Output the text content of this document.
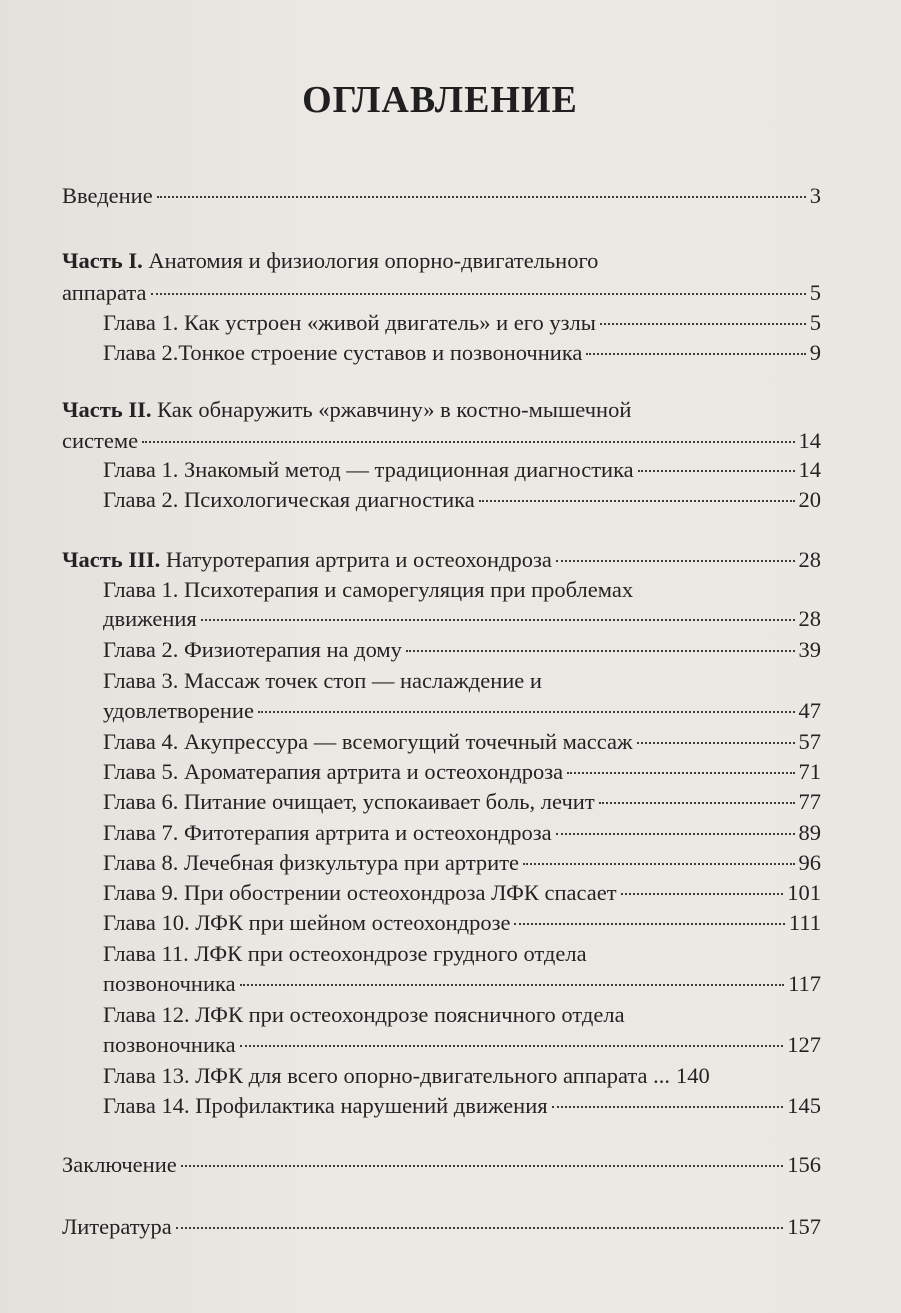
ОГЛАВЛЕНИЕ
Введение	3
Часть I. Анатомия и физиология опорно-двигательного
аппарата	5
Глава 1. Как устроен «живой двигатель» и его узлы	5
Глава 2.Тонкое строение суставов и позвоночника	9
Часть II. Как обнаружить «ржавчину» в костно-мышечной
системе	14
Глава 1. Знакомый метод — традиционная диагностика	14
Глава 2. Психологическая диагностика	20
Часть III. Натуротерапия артрита и остеохондроза	28
Глава 1. Психотерапия и саморегуляция при проблемах
движения	28
Глава 2. Физиотерапия на дому	39
Глава 3. Массаж точек стоп — наслаждение и
удовлетворение	47
Глава 4. Акупрессура — всемогущий точечный массаж	57
Глава 5. Ароматерапия артрита и остеохондроза	71
Глава 6. Питание очищает, успокаивает боль, лечит	77
Глава 7. Фитотерапия артрита и остеохондроза	89
Глава 8. Лечебная физкультура при артрите	96
Глава 9. При обострении остеохондроза ЛФК спасает	101
Глава 10. ЛФК при шейном остеохондрозе	111
Глава 11. ЛФК при остеохондрозе грудного отдела
позвоночника	117
Глава 12. ЛФК при остеохондрозе поясничного отдела
позвоночника	127
Глава 13. ЛФК для всего опорно-двигательного аппарата ... 140
Глава 14. Профилактика нарушений движения	145
Заключение	156
Литература	157
